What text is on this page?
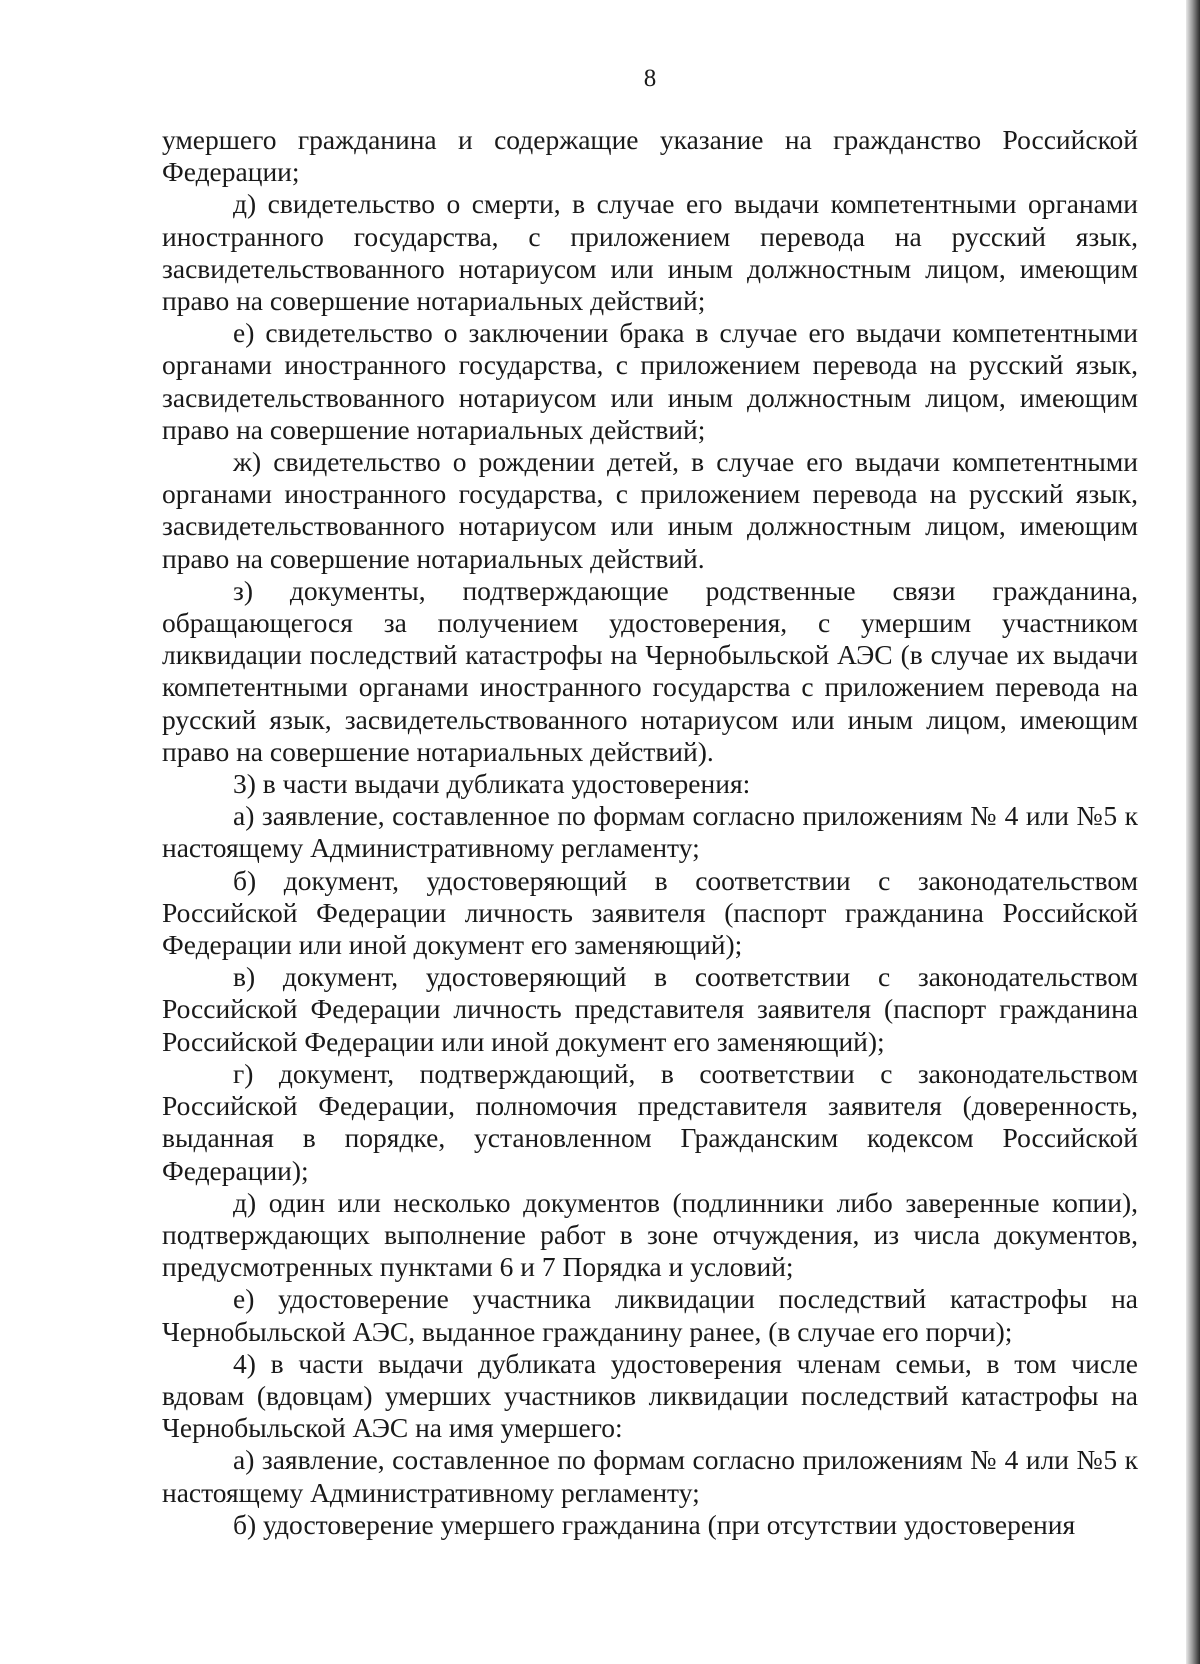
8

умершего гражданина и содержащие указание на гражданство Российской Федерации;

д) свидетельство о смерти, в случае его выдачи компетентными органами иностранного государства, с приложением перевода на русский язык, засвидетельствованного нотариусом или иным должностным лицом, имеющим право на совершение нотариальных действий;

е) свидетельство о заключении брака в случае его выдачи компетентными органами иностранного государства, с приложением перевода на русский язык, засвидетельствованного нотариусом или иным должностным лицом, имеющим право на совершение нотариальных действий;

ж) свидетельство о рождении детей, в случае его выдачи компетентными органами иностранного государства, с приложением перевода на русский язык, засвидетельствованного нотариусом или иным должностным лицом, имеющим право на совершение нотариальных действий.

з) документы, подтверждающие родственные связи гражданина, обращающегося за получением удостоверения, с умершим участником ликвидации последствий катастрофы на Чернобыльской АЭС (в случае их выдачи компетентными органами иностранного государства с приложением перевода на русский язык, засвидетельствованного нотариусом или иным лицом, имеющим право на совершение нотариальных действий).

3) в части выдачи дубликата удостоверения:

а) заявление, составленное по формам согласно приложениям № 4 или №5 к настоящему Административному регламенту;

б) документ, удостоверяющий в соответствии с законодательством Российской Федерации личность заявителя (паспорт гражданина Российской Федерации или иной документ его заменяющий);

в) документ, удостоверяющий в соответствии с законодательством Российской Федерации личность представителя заявителя (паспорт гражданина Российской Федерации или иной документ его заменяющий);

г) документ, подтверждающий, в соответствии с законодательством Российской Федерации, полномочия представителя заявителя (доверенность, выданная в порядке, установленном Гражданским кодексом Российской Федерации);

д) один или несколько документов (подлинники либо заверенные копии), подтверждающих выполнение работ в зоне отчуждения, из числа документов, предусмотренных пунктами 6 и 7 Порядка и условий;

е) удостоверение участника ликвидации последствий катастрофы на Чернобыльской АЭС, выданное гражданину ранее, (в случае его порчи);

4) в части выдачи дубликата удостоверения членам семьи, в том числе вдовам (вдовцам) умерших участников ликвидации последствий катастрофы на Чернобыльской АЭС на имя умершего:

а) заявление, составленное по формам согласно приложениям № 4 или №5 к настоящему Административному регламенту;

б) удостоверение умершего гражданина (при отсутствии удостоверения
